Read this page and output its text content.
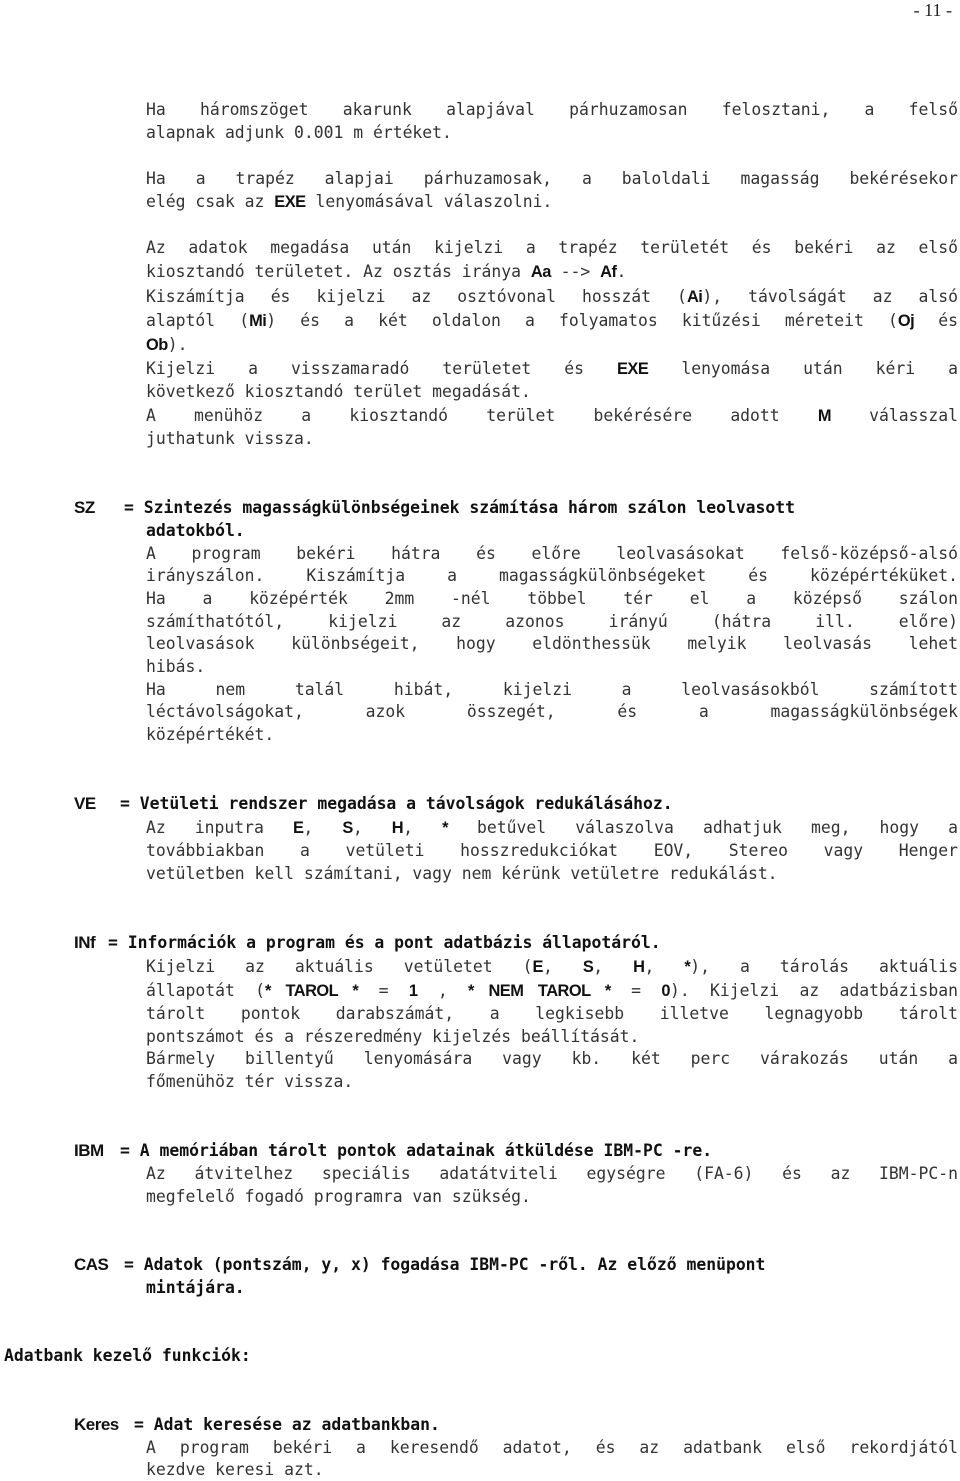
- 11 -
Ha háromszöget akarunk alapjával párhuzamosan felosztani, a felső
alapnak adjunk 0.001 m értéket.
Ha a trapéz alapjai párhuzamosak, a baloldali magasság bekérésekor
elég csak az EXE lenyomásával válaszolni.
Az adatok megadása után kijelzi a trapéz területét és bekéri az első
kiosztandó területet. Az osztás iránya Aa --> Af.
Kiszámítja és kijelzi az osztóvonal hosszát (Ai), távolságát az alsó
alaptól (Mi) és a két oldalon a folyamatos kitűzési méreteit (Oj és
Ob).
Kijelzi a visszamaradó területet és EXE lenyomása után kéri a
következő kiosztandó terület megadását.
A menühöz a kiosztandó terület bekérésére adott M válasszal
juthatunk vissza.
SZ = Szintezés magasságkülönbségeinek számítása három szálon leolvasott
adatokból.
A program bekéri hátra és előre leolvasásokat felső-középső-alsó
irányszálon. Kiszámítja a magasságkülönbségeket és középértéküket.
Ha a középérték 2mm -nél többel tér el a középső szálon
számíthatótól, kijelzi az azonos irányú (hátra ill. előre)
leolvasások különbségeit, hogy eldönthessük melyik leolvasás lehet
hibás.
Ha nem talál hibát, kijelzi a leolvasásokból számított
léctávolságokat, azok összegét, és a magasságkülönbségek
középértékét.
VE = Vetületi rendszer megadása a távolságok redukálásához.
Az inputra E, S, H, * betűvel válaszolva adhatjuk meg, hogy a
továbbiakban a vetületi hosszredukciókat EOV, Stereo vagy Henger
vetületben kell számítani, vagy nem kérünk vetületre redukálást.
INf = Információk a program és a pont adatbázis állapotáról.
Kijelzi az aktuális vetületet (E, S, H, *), a tárolás aktuális
állapotát (* TAROL * = 1 , * NEM TAROL * = 0). Kijelzi az adatbázisban
tárolt pontok darabszámát, a legkisebb illetve legnagyobb tárolt
pontszámot és a részeredmény kijelzés beállítását.
Bármely billentyű lenyomására vagy kb. két perc várakozás után a
főmenühöz tér vissza.
IBM = A memóriában tárolt pontok adatainak átküldése IBM-PC -re.
Az átvitelhez speciális adatátviteli egységre (FA-6) és az IBM-PC-n
megfelelő fogadó programra van szükség.
CAS = Adatok (pontszám, y, x) fogadása IBM-PC -ről. Az előző menüpont
mintájára.
Adatbank kezelő funkciók:
Keres = Adat keresése az adatbankban.
A program bekéri a keresendő adatot, és az adatbank első rekordjától
kezdve keresi azt.
